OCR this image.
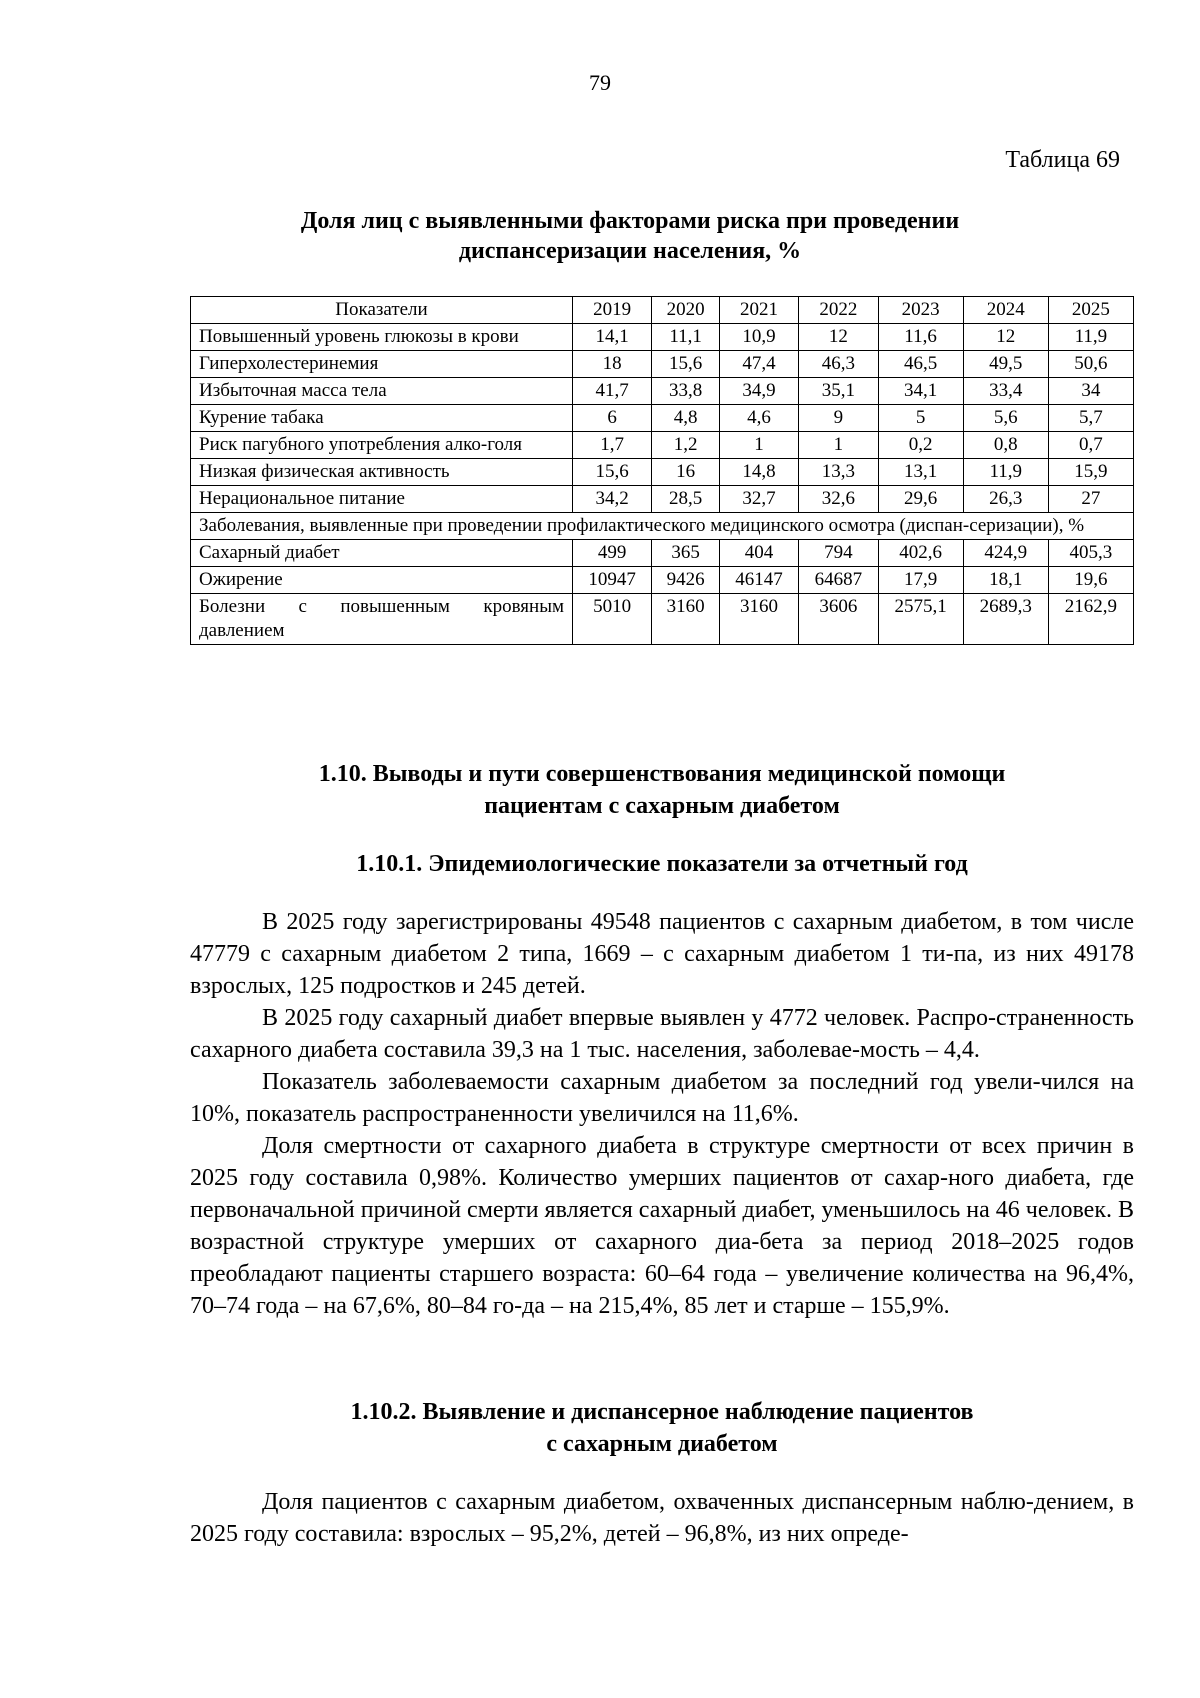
79
Таблица 69
Доля лиц с выявленными факторами риска при проведении
диспансеризации населения, %
Показатели	2019	2020	2021	2022	2023	2024	2025
Повышенный уровень глюкозы в крови	14,1	11,1	10,9	12	11,6	12	11,9
Гиперхолестеринемия	18	15,6	47,4	46,3	46,5	49,5	50,6
Избыточная масса тела	41,7	33,8	34,9	35,1	34,1	33,4	34
Курение табака	6	4,8	4,6	9	5	5,6	5,7
Риск пагубного употребления алко-голя	1,7	1,2	1	1	0,2	0,8	0,7
Низкая физическая активность	15,6	16	14,8	13,3	13,1	11,9	15,9
Нерациональное питание	34,2	28,5	32,7	32,6	29,6	26,3	27
Заболевания, выявленные при проведении профилактического медицинского осмотра (диспан-серизации), %							
Сахарный диабет	499	365	404	794	402,6	424,9	405,3
Ожирение	10947	9426	46147	64687	17,9	18,1	19,6
Болезни с повышенным кровяным давлением	5010	3160	3160	3606	2575,1	2689,3	2162,9
1.10. Выводы и пути совершенствования медицинской помощи
пациентам с сахарным диабетом
1.10.1. Эпидемиологические показатели за отчетный год

В 2025 году зарегистрированы 49548 пациентов с сахарным диабетом, в том числе 47779 с сахарным диабетом 2 типа, 1669 – с сахарным диабетом 1 ти-па, из них 49178 взрослых, 125 подростков и 245 детей.

В 2025 году сахарный диабет впервые выявлен у 4772 человек. Распро-страненность сахарного диабета составила 39,3 на 1 тыс. населения, заболевае-мость – 4,4.

Показатель заболеваемости сахарным диабетом за последний год увели-чился на 10%, показатель распространенности увеличился на 11,6%.

Доля смертности от сахарного диабета в структуре смертности от всех причин в 2025 году составила 0,98%. Количество умерших пациентов от сахар-ного диабета, где первоначальной причиной смерти является сахарный диабет, уменьшилось на 46 человек. В возрастной структуре умерших от сахарного диа-бета за период 2018–2025 годов преобладают пациенты старшего возраста: 60–64 года – увеличение количества на 96,4%, 70–74 года – на 67,6%, 80–84 го-да – на 215,4%, 85 лет и старше – 155,9%.

1.10.2. Выявление и диспансерное наблюдение пациентов
с сахарным диабетом

Доля пациентов с сахарным диабетом, охваченных диспансерным наблю-дением, в 2025 году составила: взрослых – 95,2%, детей – 96,8%, из них опреде-
